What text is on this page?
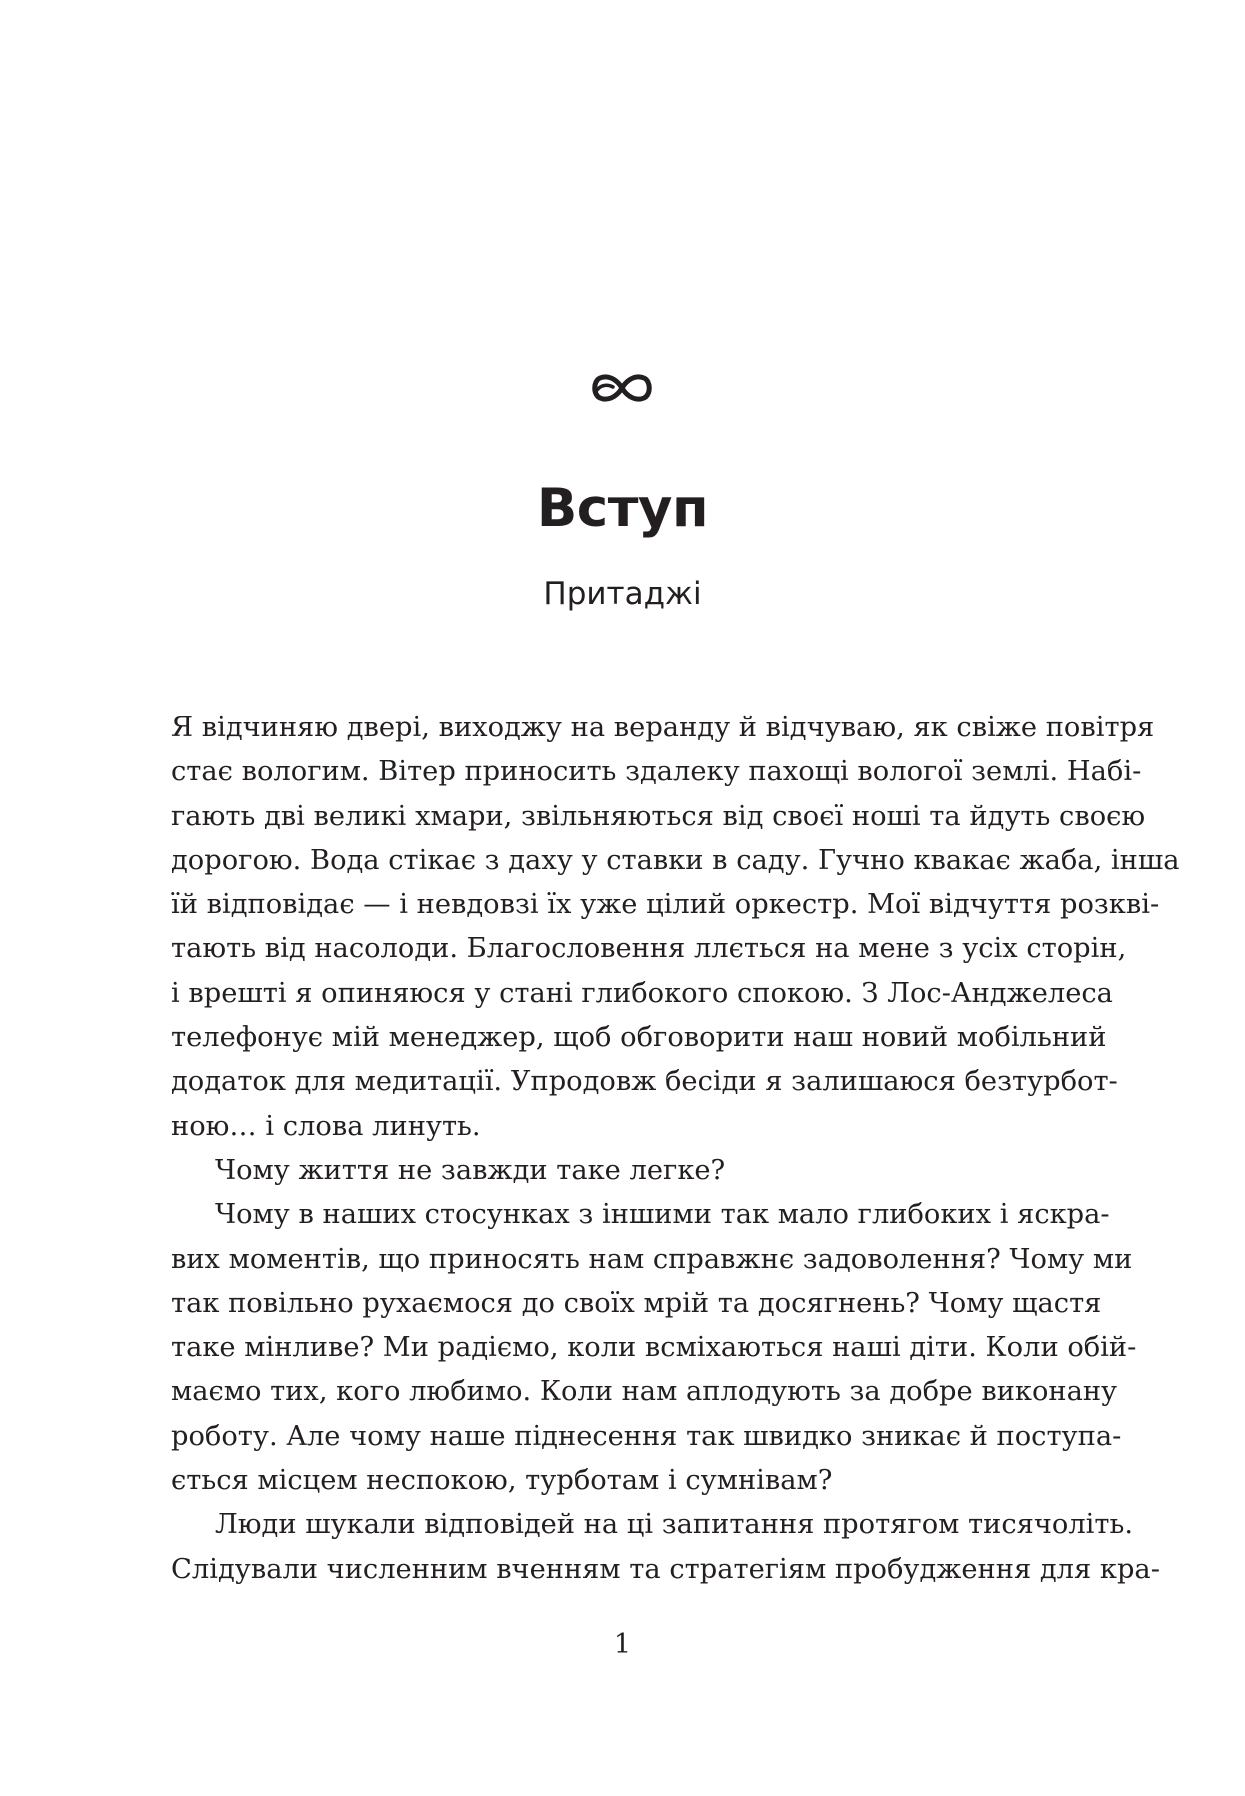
Вступ
Притаджі
Я відчиняю двері, виходжу на веранду й відчуваю, як свіже повітря
стає вологим. Вітер приносить здалеку пахощі вологої землі. Набі-
гають дві великі хмари, звільняються від своєї ноші та йдуть своєю
дорогою. Вода стікає з даху у ставки в саду. Гучно квакає жаба, інша
їй відповідає — і невдовзі їх уже цілий оркестр. Мої відчуття розкві-
тають від насолоди. Благословення ллється на мене з усіх сторін,
і врешті я опиняюся у стані глибокого спокою. З Лос-Анджелеса
телефонує мій менеджер, щоб обговорити наш новий мобільний
додаток для медитації. Упродовж бесіди я залишаюся безтурбот-
ною… і слова линуть.
Чому життя не завжди таке легке?
Чому в наших стосунках з іншими так мало глибоких і яскра-
вих моментів, що приносять нам справжнє задоволення? Чому ми
так повільно рухаємося до своїх мрій та досягнень? Чому щастя
таке мінливе? Ми радіємо, коли всміхаються наші діти. Коли обій-
маємо тих, кого любимо. Коли нам аплодують за добре виконану
роботу. Але чому наше піднесення так швидко зникає й поступа-
ється місцем неспокою, турботам і сумнівам?
Люди шукали відповідей на ці запитання протягом тисячоліть.
Слідували численним вченням та стратегіям пробудження для кра-
1
